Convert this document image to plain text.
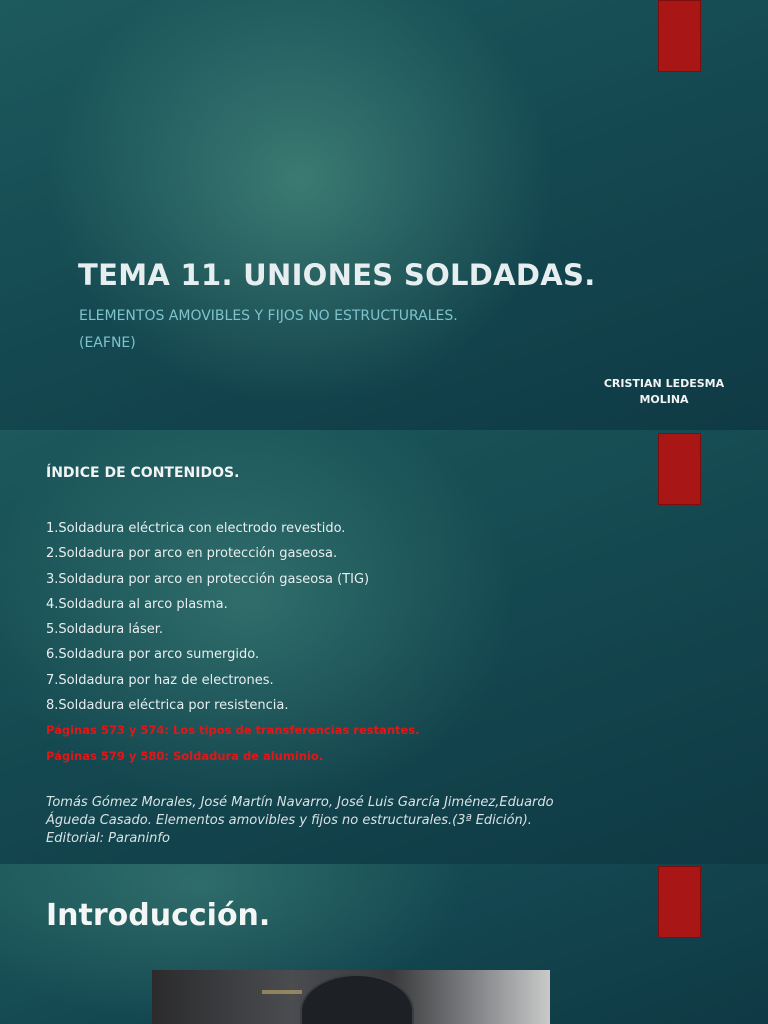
TEMA 11. UNIONES SOLDADAS.
ELEMENTOS AMOVIBLES Y FIJOS NO ESTRUCTURALES.
(EAFNE)
CRISTIAN LEDESMA
MOLINA
ÍNDICE DE CONTENIDOS.
1.Soldadura eléctrica con electrodo revestido.
2.Soldadura por arco en protección gaseosa.
3.Soldadura por arco en protección gaseosa (TIG)
4.Soldadura al arco plasma.
5.Soldadura láser.
6.Soldadura por arco sumergido.
7.Soldadura por haz de electrones.
8.Soldadura eléctrica por resistencia.
Páginas 573 y 574: Los tipos de transferencias restantes.
Páginas 579 y 580: Soldadura de aluminio.
Tomás Gómez Morales, José Martín Navarro, José Luis García Jiménez,Eduardo
Águeda Casado. Elementos amovibles y fijos no estructurales.(3ª Edición).
Editorial: Paraninfo
Introducción.
